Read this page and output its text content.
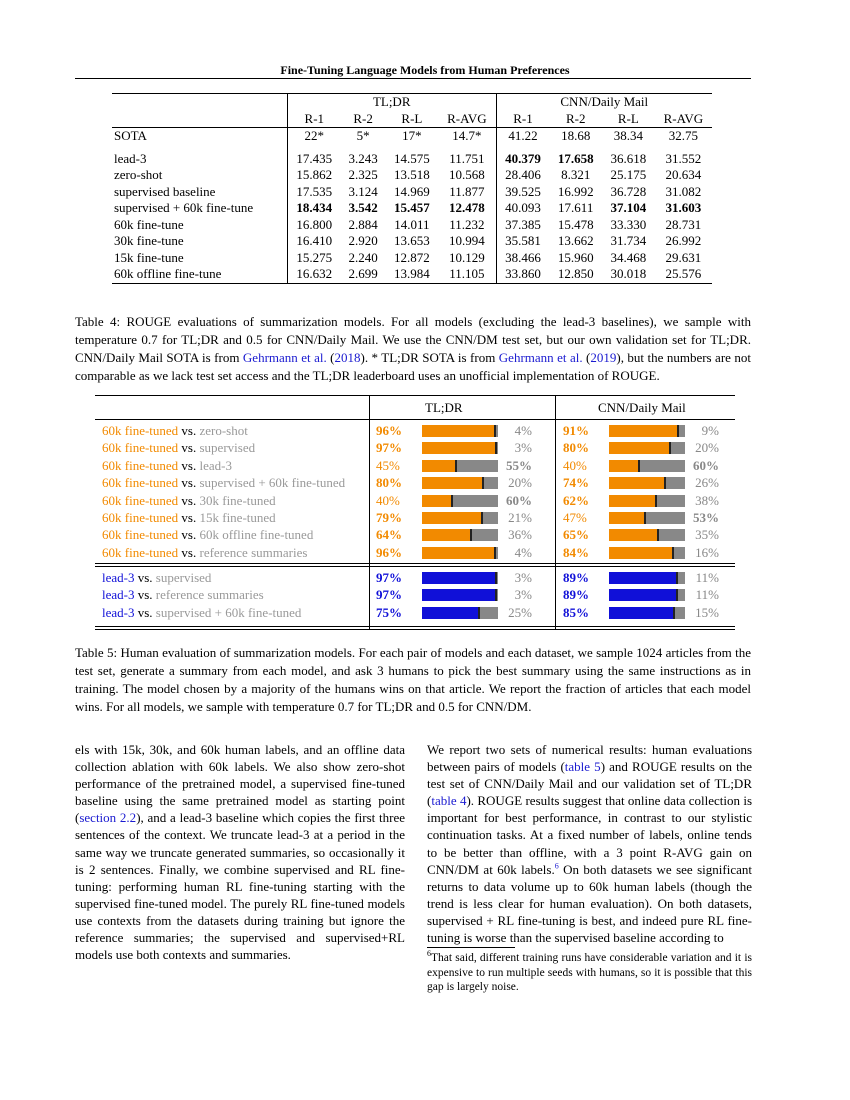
Fine-Tuning Language Models from Human Preferences
	TL;DR				CNN/Daily Mail			
	R-1	R-2	R-L	R-AVG	R-1	R-2	R-L	R-AVG
SOTA	22*	5*	17*	14.7*	41.22	18.68	38.34	32.75

lead-3	17.435	3.243	14.575	11.751	40.379	17.658	36.618	31.552
zero-shot	15.862	2.325	13.518	10.568	28.406	8.321	25.175	20.634
supervised baseline	17.535	3.124	14.969	11.877	39.525	16.992	36.728	31.082
supervised + 60k fine-tune	18.434	3.542	15.457	12.478	40.093	17.611	37.104	31.603
60k fine-tune	16.800	2.884	14.011	11.232	37.385	15.478	33.330	28.731
30k fine-tune	16.410	2.920	13.653	10.994	35.581	13.662	31.734	26.992
15k fine-tune	15.275	2.240	12.872	10.129	38.466	15.960	34.468	29.631
60k offline fine-tune	16.632	2.699	13.984	11.105	33.860	12.850	30.018	25.576
Table 4: ROUGE evaluations of summarization models. For all models (excluding the lead-3 baselines), we sample with temperature 0.7 for TL;DR and 0.5 for CNN/Daily Mail. We use the CNN/DM test set, but our own validation set for TL;DR. CNN/Daily Mail SOTA is from Gehrmann et al. (2018). * TL;DR SOTA is from Gehrmann et al. (2019), but the numbers are not comparable as we lack test set access and the TL;DR leaderboard uses an unofficial implementation of ROUGE.
TL;DR	CNN/Daily Mail
60k fine-tuned vs. zero-shot	96%	4% 91%	9%
60k fine-tuned vs. supervised	97%	3% 80%	20%
60k fine-tuned vs. lead-3	45%	55% 40%	60%
60k fine-tuned vs. supervised + 60k fine-tuned 80%	20% 74%	26%
60k fine-tuned vs. 30k fine-tuned	40%	60% 62%	38%
60k fine-tuned vs. 15k fine-tuned	79%	21% 47%	53%
60k fine-tuned vs. 60k offline fine-tuned	64%	36% 65%	35%
60k fine-tuned vs. reference summaries	96%	4% 84%	16%
lead-3 vs. supervised	97%	3% 89%	11%
lead-3 vs. reference summaries	97%	3% 89%	11%
lead-3 vs. supervised + 60k fine-tuned	75%	25% 85%	15%
Table 5: Human evaluation of summarization models. For each pair of models and each dataset, we sample 1024 articles from the test set, generate a summary from each model, and ask 3 humans to pick the best summary using the same instructions as in training. The model chosen by a majority of the humans wins on that article. We report the fraction of articles that each model wins. For all models, we sample with temperature 0.7 for TL;DR and 0.5 for CNN/DM.
els with 15k, 30k, and 60k human labels, and an offline data collection ablation with 60k labels. We also show zero-shot performance of the pretrained model, a supervised fine-tuned baseline using the same pretrained model as starting point (section 2.2), and a lead-3 baseline which copies the first three sentences of the context. We truncate lead-3 at a period in the same way we truncate generated summaries, so occasionally it is 2 sentences. Finally, we combine supervised and RL fine-tuning: performing human RL fine-tuning starting with the supervised fine-tuned model. The purely RL fine-tuned models use contexts from the datasets during training but ignore the reference summaries; the supervised and supervised+RL models use both contexts and summaries.
We report two sets of numerical results: human evaluations between pairs of models (table 5) and ROUGE results on the test set of CNN/Daily Mail and our validation set of TL;DR (table 4). ROUGE results suggest that online data collection is important for best performance, in contrast to our stylistic continuation tasks. At a fixed number of labels, online tends to be better than offline, with a 3 point R-AVG gain on CNN/DM at 60k labels.$^6$ On both datasets we see significant returns to data volume up to 60k human labels (though the trend is less clear for human evaluation). On both datasets, supervised + RL fine-tuning is best, and indeed pure RL fine-tuning is worse than the supervised baseline according to
$^6$That said, different training runs have considerable variation and it is expensive to run multiple seeds with humans, so it is possible that this gap is largely noise.
